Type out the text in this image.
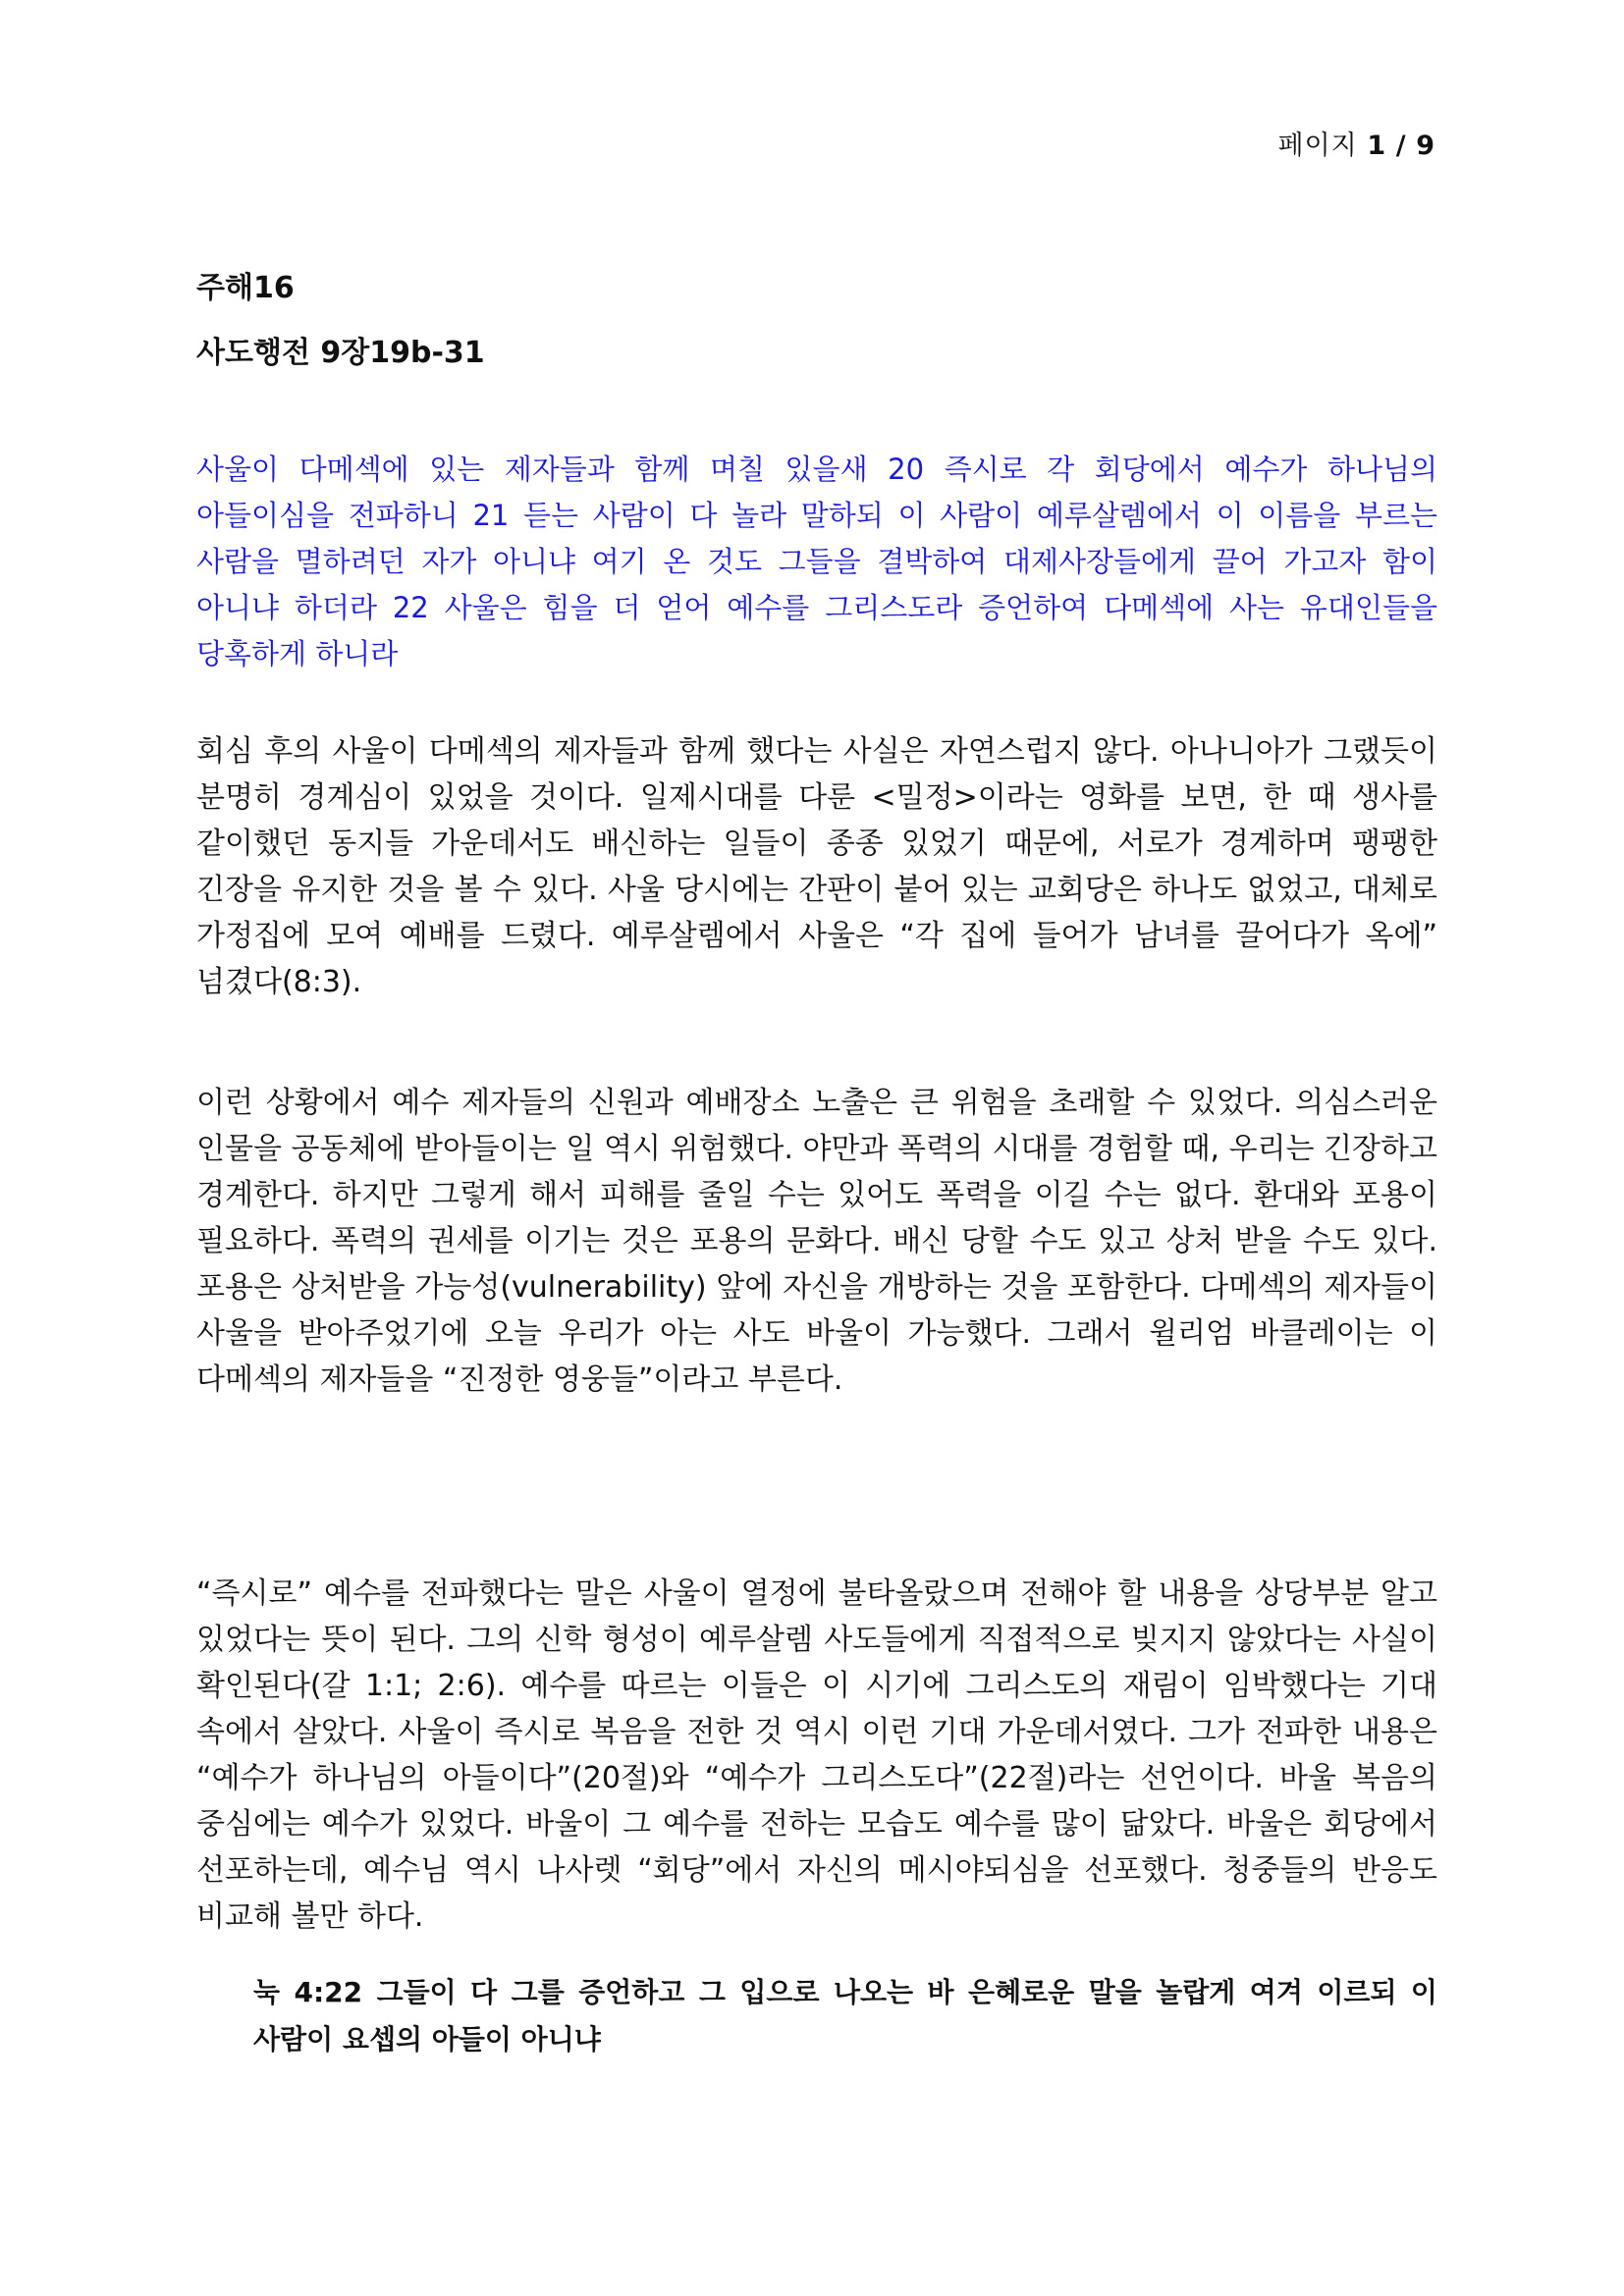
페이지 1 / 9
주해16
사도행전 9장19b-31
사울이 다메섹에 있는 제자들과 함께 며칠 있을새 20 즉시로 각 회당에서 예수가 하나님의 아들이심을 전파하니 21 듣는 사람이 다 놀라 말하되 이 사람이 예루살렘에서 이 이름을 부르는 사람을 멸하려던 자가 아니냐 여기 온 것도 그들을 결박하여 대제사장들에게 끌어 가고자 함이 아니냐 하더라 22 사울은 힘을 더 얻어 예수를 그리스도라 증언하여 다메섹에 사는 유대인들을 당혹하게 하니라
회심 후의 사울이 다메섹의 제자들과 함께 했다는 사실은 자연스럽지 않다. 아나니아가 그랬듯이 분명히 경계심이 있었을 것이다. 일제시대를 다룬 <밀정>이라는 영화를 보면, 한 때 생사를 같이했던 동지들 가운데서도 배신하는 일들이 종종 있었기 때문에, 서로가 경계하며 팽팽한 긴장을 유지한 것을 볼 수 있다. 사울 당시에는 간판이 붙어 있는 교회당은 하나도 없었고, 대체로 가정집에 모여 예배를 드렸다. 예루살렘에서 사울은 “각 집에 들어가 남녀를 끌어다가 옥에” 넘겼다(8:3).
이런 상황에서 예수 제자들의 신원과 예배장소 노출은 큰 위험을 초래할 수 있었다. 의심스러운 인물을 공동체에 받아들이는 일 역시 위험했다. 야만과 폭력의 시대를 경험할 때, 우리는 긴장하고 경계한다. 하지만 그렇게 해서 피해를 줄일 수는 있어도 폭력을 이길 수는 없다. 환대와 포용이 필요하다. 폭력의 권세를 이기는 것은 포용의 문화다. 배신 당할 수도 있고 상처 받을 수도 있다. 포용은 상처받을 가능성(vulnerability) 앞에 자신을 개방하는 것을 포함한다. 다메섹의 제자들이 사울을 받아주었기에 오늘 우리가 아는 사도 바울이 가능했다. 그래서 윌리엄 바클레이는 이 다메섹의 제자들을 “진정한 영웅들”이라고 부른다.
“즉시로” 예수를 전파했다는 말은 사울이 열정에 불타올랐으며 전해야 할 내용을 상당부분 알고 있었다는 뜻이 된다. 그의 신학 형성이 예루살렘 사도들에게 직접적으로 빚지지 않았다는 사실이 확인된다(갈 1:1; 2:6). 예수를 따르는 이들은 이 시기에 그리스도의 재림이 임박했다는 기대 속에서 살았다. 사울이 즉시로 복음을 전한 것 역시 이런 기대 가운데서였다. 그가 전파한 내용은 “예수가 하나님의 아들이다”(20절)와 “예수가 그리스도다”(22절)라는 선언이다. 바울 복음의 중심에는 예수가 있었다. 바울이 그 예수를 전하는 모습도 예수를 많이 닮았다. 바울은 회당에서 선포하는데, 예수님 역시 나사렛 “회당”에서 자신의 메시야되심을 선포했다. 청중들의 반응도 비교해 볼만 하다.
눅 4:22 그들이 다 그를 증언하고 그 입으로 나오는 바 은혜로운 말을 놀랍게 여겨 이르되 이 사람이 요셉의 아들이 아니냐
